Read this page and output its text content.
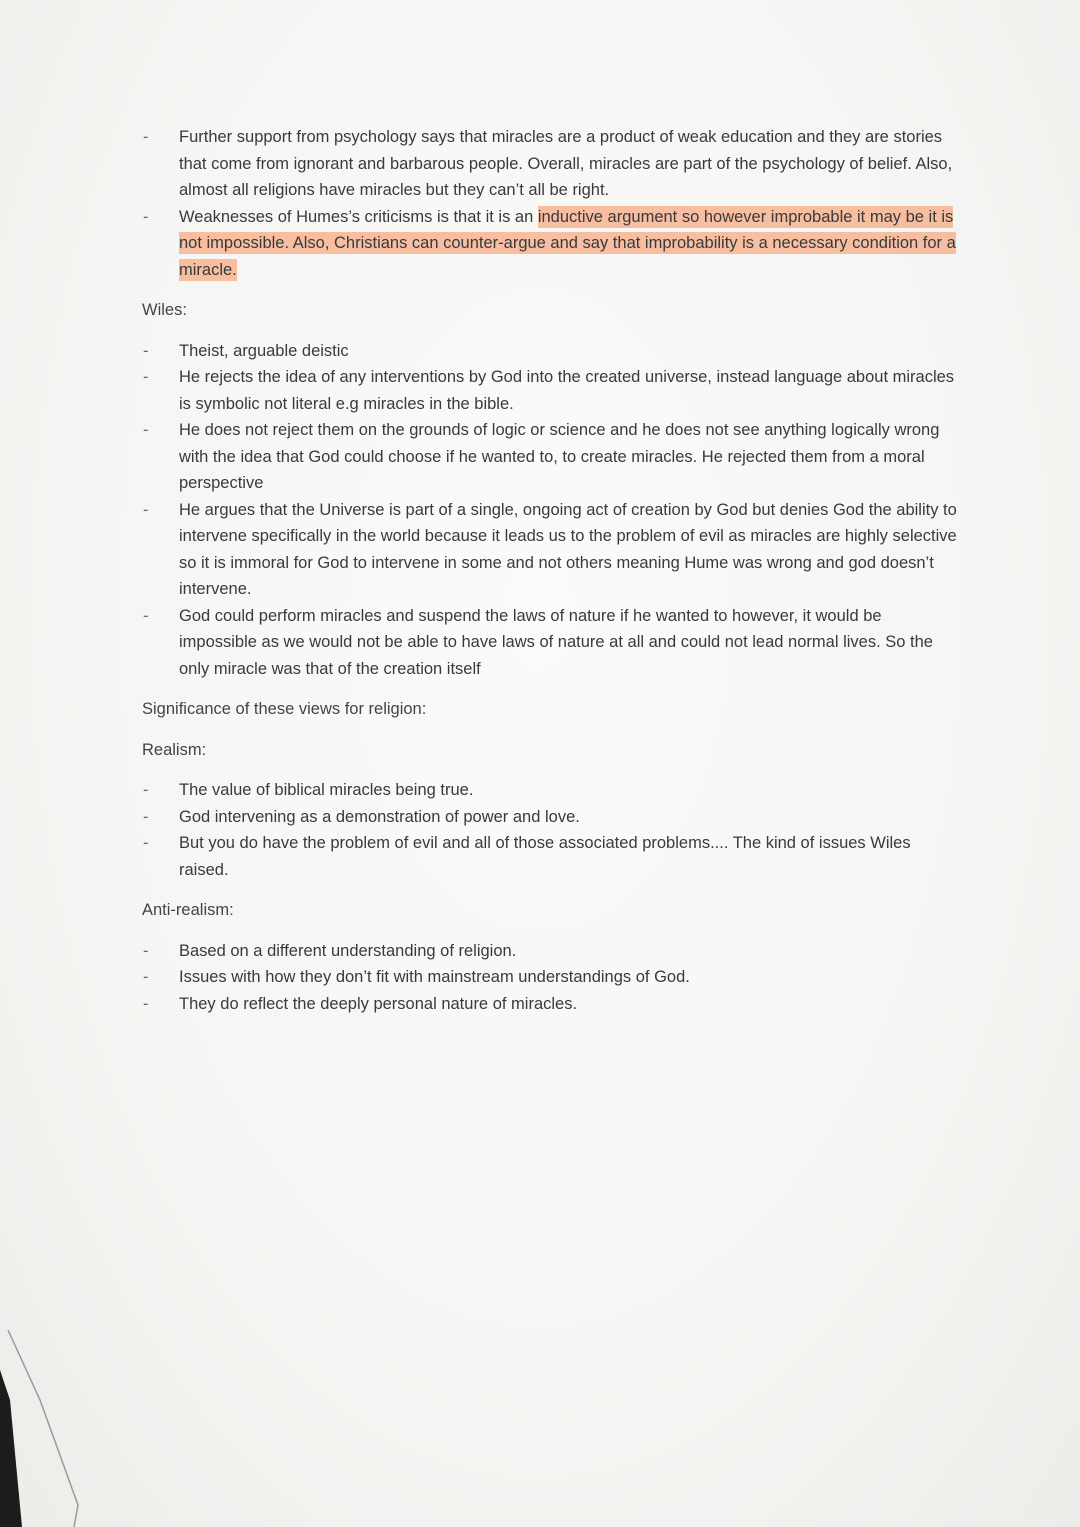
- Further support from psychology says that miracles are a product of weak education and they are stories that come from ignorant and barbarous people. Overall, miracles are part of the psychology of belief. Also, almost all religions have miracles but they can’t all be right.
- Weaknesses of Humes’s criticisms is that it is an inductive argument so however improbable it may be it is not impossible. Also, Christians can counter-argue and say that improbability is a necessary condition for a miracle.
Wiles:
- Theist, arguable deistic
- He rejects the idea of any interventions by God into the created universe, instead language about miracles is symbolic not literal e.g miracles in the bible.
- He does not reject them on the grounds of logic or science and he does not see anything logically wrong with the idea that God could choose if he wanted to, to create miracles. He rejected them from a moral perspective
- He argues that the Universe is part of a single, ongoing act of creation by God but denies God the ability to intervene specifically in the world because it leads us to the problem of evil as miracles are highly selective so it is immoral for God to intervene in some and not others meaning Hume was wrong and god doesn’t intervene.
- God could perform miracles and suspend the laws of nature if he wanted to however, it would be impossible as we would not be able to have laws of nature at all and could not lead normal lives. So the only miracle was that of the creation itself
Significance of these views for religion:
Realism:
- The value of biblical miracles being true.
- God intervening as a demonstration of power and love.
- But you do have the problem of evil and all of those associated problems.... The kind of issues Wiles raised.
Anti-realism:
- Based on a different understanding of religion.
- Issues with how they don’t fit with mainstream understandings of God.
- They do reflect the deeply personal nature of miracles.
